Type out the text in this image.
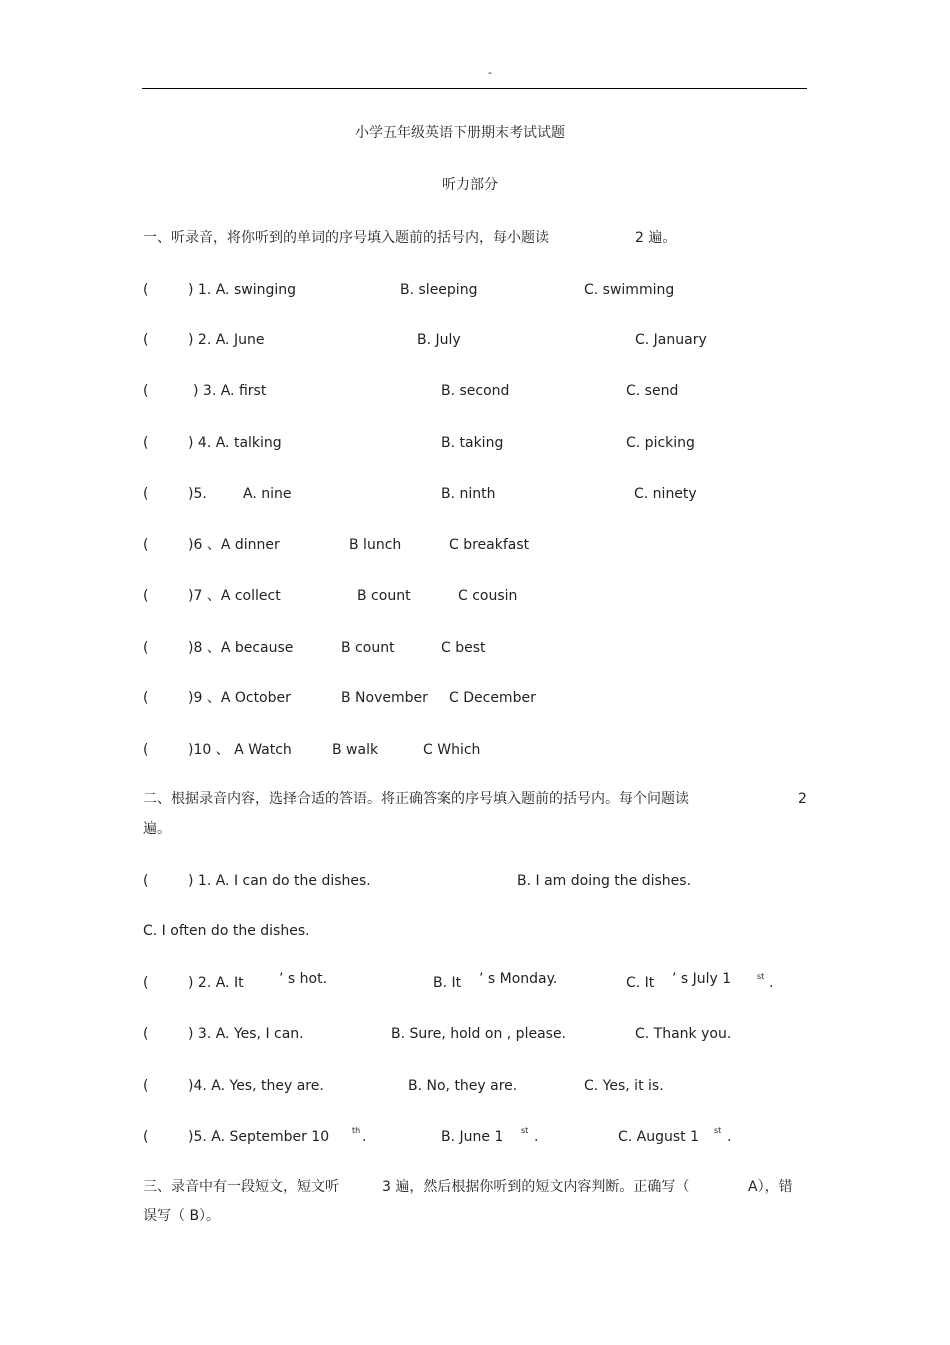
-
小学五年级英语下册期末考试试题
听力部分
一、听录音，将你听到的单词的序号填入题前的括号内，每小题读	2 遍。
(	) 1. A. swinging	B. sleeping	C. swimming
(	) 2. A. June	B. July	C. January
(	) 3. A. first	B. second	C. send
(	) 4. A. talking	B. taking	C. picking
(	)5.	A. nine	B. ninth	C. ninety
(	)6 、A dinner	B lunch	C breakfast
(	)7 、A collect	B count	C cousin
(	)8 、A because	B count	C best
(	)9 、A October	B November C December
(	)10 、 A Watch	B walk	C Which
二、根据录音内容，选择合适的答语。将正确答案的序号填入题前的括号内。每个问题读	2
遍。
(	) 1. A. I can do the dishes.	B. I am doing the dishes.
C. I often do the dishes.
(	) 2. A. It	’ s hot.	B. It ’ s Monday.	C. It ’ s July 1	st .
(	) 3. A. Yes, I can.	B. Sure, hold on , please.	C. Thank you.
(	)4. A. Yes, they are.	B. No, they are.	C. Yes, it is.
(	)5. A. September 10	th .	B. June 1 st .	C. August 1 st .
三、录音中有一段短文，短文听	3 遍，然后根据你听到的短文内容判断。正确写（	A），错
误写（ B）。
